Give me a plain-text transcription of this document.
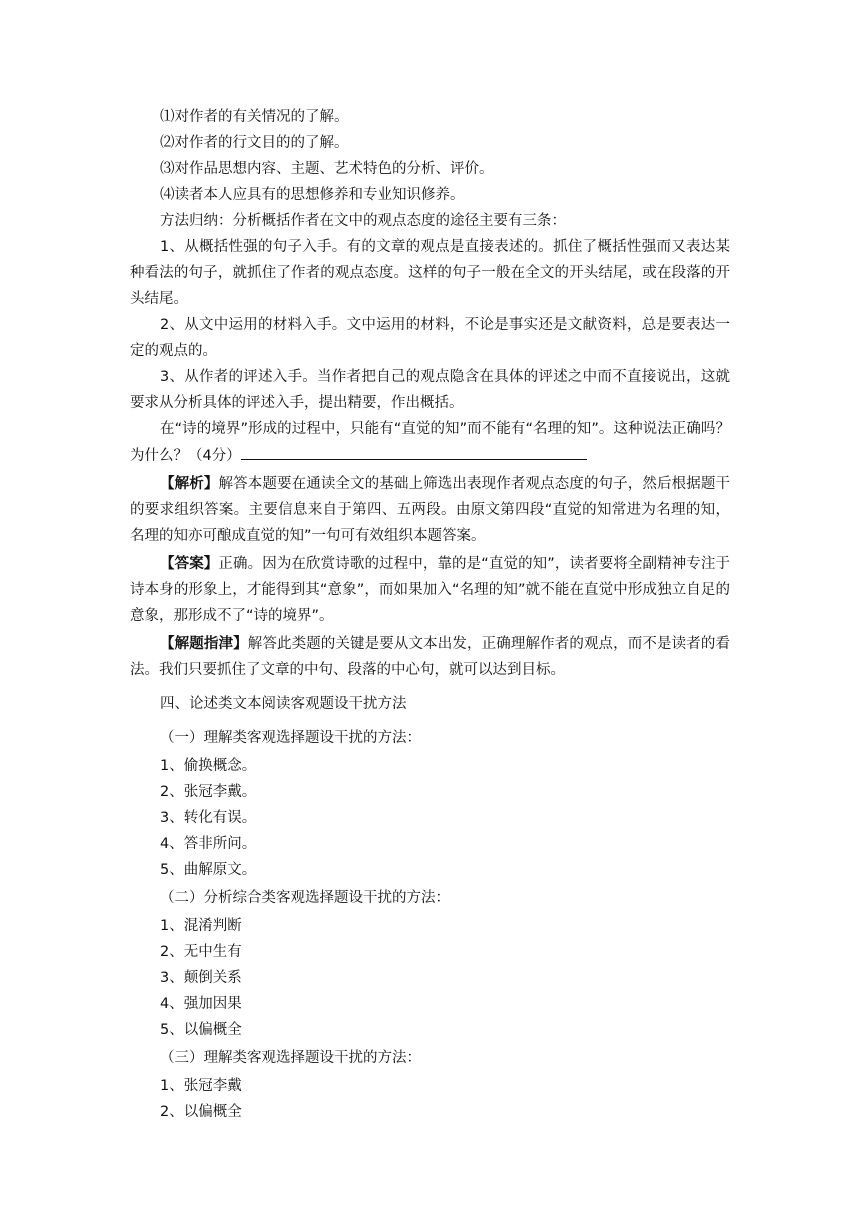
⑴对作者的有关情况的了解。

⑵对作者的行文目的的了解。

⑶对作品思想内容、主题、艺术特色的分析、评价。

⑷读者本人应具有的思想修养和专业知识修养。

方法归纳：分析概括作者在文中的观点态度的途径主要有三条：

1、从概括性强的句子入手。有的文章的观点是直接表述的。抓住了概括性强而又表达某种看法的句子，就抓住了作者的观点态度。这样的句子一般在全文的开头结尾，或在段落的开头结尾。

2、从文中运用的材料入手。文中运用的材料，不论是事实还是文献资料，总是要表达一定的观点的。

3、从作者的评述入手。当作者把自己的观点隐含在具体的评述之中而不直接说出，这就要求从分析具体的评述入手，提出精要，作出概括。

在“诗的境界”形成的过程中，只能有“直觉的知”而不能有“名理的知”。这种说法正确吗？为什么？（4分）

【解析】解答本题要在通读全文的基础上筛选出表现作者观点态度的句子，然后根据题干的要求组织答案。主要信息来自于第四、五两段。由原文第四段“直觉的知常进为名理的知，名理的知亦可酿成直觉的知”一句可有效组织本题答案。

【答案】正确。因为在欣赏诗歌的过程中，靠的是“直觉的知”，读者要将全副精神专注于诗本身的形象上，才能得到其“意象”，而如果加入“名理的知”就不能在直觉中形成独立自足的意象，那形成不了“诗的境界”。

【解题指津】解答此类题的关键是要从文本出发，正确理解作者的观点，而不是读者的看法。我们只要抓住了文章的中句、段落的中心句，就可以达到目标。

四、论述类文本阅读客观题设干扰方法

（一）理解类客观选择题设干扰的方法：

1、偷换概念。

2、张冠李戴。

3、转化有误。

4、答非所问。

5、曲解原文。

（二）分析综合类客观选择题设干扰的方法：

1、混淆判断

2、无中生有

3、颠倒关系

4、强加因果

5、以偏概全

（三）理解类客观选择题设干扰的方法：

1、张冠李戴

2、以偏概全
